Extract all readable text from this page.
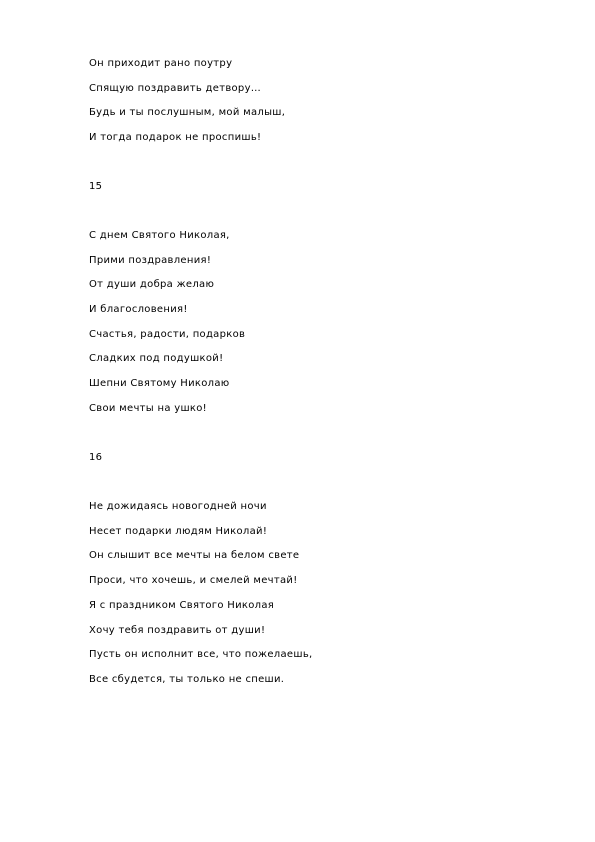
Он приходит рано поутру
Спящую поздравить детвору…
Будь и ты послушным, мой малыш,
И тогда подарок не проспишь!
15
С днем Святого Николая,
Прими поздравления!
От души добра желаю
И благословения!
Счастья, радости, подарков
Сладких под подушкой!
Шепни Святому Николаю
Свои мечты на ушко!
16
Не дожидаясь новогодней ночи
Несет подарки людям Николай!
Он слышит все мечты на белом свете
Проси, что хочешь, и смелей мечтай!
Я с праздником Святого Николая
Хочу тебя поздравить от души!
Пусть он исполнит все, что пожелаешь,
Все сбудется, ты только не спеши.
